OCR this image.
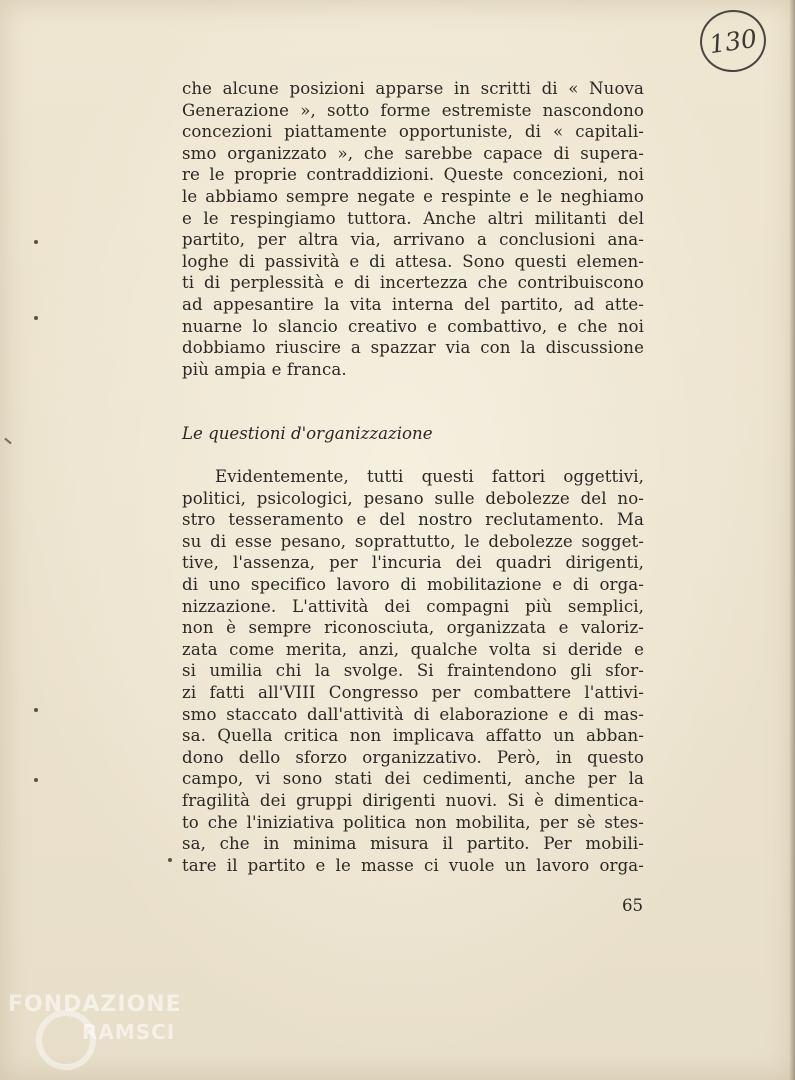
130
che alcune posizioni apparse in scritti di « Nuova
Generazione », sotto forme estremiste nascondono
concezioni piattamente opportuniste, di « capitali-
smo organizzato », che sarebbe capace di supera-
re le proprie contraddizioni. Queste concezioni, noi
le abbiamo sempre negate e respinte e le neghiamo
e le respingiamo tuttora. Anche altri militanti del
partito, per altra via, arrivano a conclusioni ana-
loghe di passività e di attesa. Sono questi elemen-
ti di perplessità e di incertezza che contribuiscono
ad appesantire la vita interna del partito, ad atte-
nuarne lo slancio creativo e combattivo, e che noi
dobbiamo riuscire a spazzar via con la discussione
più ampia e franca.
Le questioni d'organizzazione
Evidentemente, tutti questi fattori oggettivi,
politici, psicologici, pesano sulle debolezze del no-
stro tesseramento e del nostro reclutamento. Ma
su di esse pesano, soprattutto, le debolezze sogget-
tive, l'assenza, per l'incuria dei quadri dirigenti,
di uno specifico lavoro di mobilitazione e di orga-
nizzazione. L'attività dei compagni più semplici,
non è sempre riconosciuta, organizzata e valoriz-
zata come merita, anzi, qualche volta si deride e
si umilia chi la svolge. Si fraintendono gli sfor-
zi fatti all'VIII Congresso per combattere l'attivi-
smo staccato dall'attività di elaborazione e di mas-
sa. Quella critica non implicava affatto un abban-
dono dello sforzo organizzativo. Però, in questo
campo, vi sono stati dei cedimenti, anche per la
fragilità dei gruppi dirigenti nuovi. Si è dimentica-
to che l'iniziativa politica non mobilita, per sè stes-
sa, che in minima misura il partito. Per mobili-
tare il partito e le masse ci vuole un lavoro orga-
65
FONDAZIONE
RAMSCI
